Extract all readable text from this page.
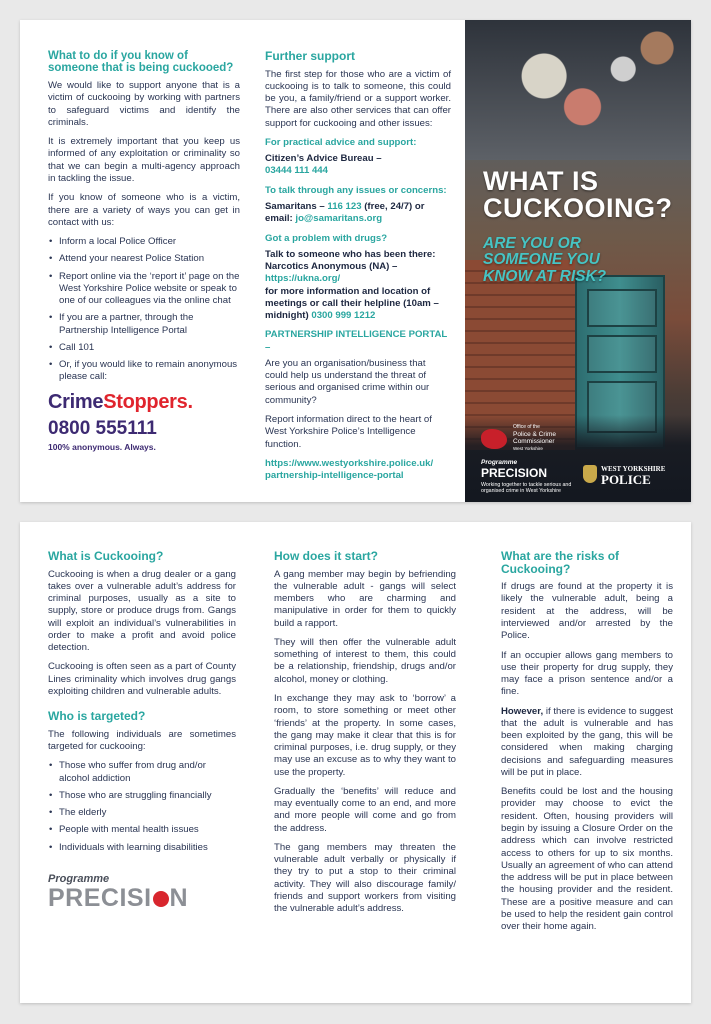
What to do if you know of someone that is being cuckooed?

We would like to support anyone that is a victim of cuckooing by working with partners to safeguard victims and identify the criminals.

It is extremely important that you keep us informed of any exploitation or criminality so that we can begin a multi-agency approach in tackling the issue.

If you know of someone who is a victim, there are a variety of ways you can get in contact with us:

• Inform a local Police Officer
• Attend your nearest Police Station
• Report online via the ‘report it’ page on the West Yorkshire Police website or speak to one of our colleagues via the online chat
• If you are a partner, through the Partnership Intelligence Portal
• Call 101
• Or, if you would like to remain anonymous please call:
CrimeStoppers.
0800 555111
100% anonymous. Always.
Further support

The first step for those who are a victim of cuckooing is to talk to someone, this could be you, a family/friend or a support worker. There are also other services that can offer support for cuckooing and other issues:

For practical advice and support:
Citizen’s Advice Bureau –
03444 111 444
To talk through any issues or concerns:

Samaritans – 116 123 (free, 24/7) or email: jo@samaritans.org

Got a problem with drugs?
Talk to someone who has been there: Narcotics Anonymous (NA) –
https://ukna.org/

for more information and location of meetings or call their helpline (10am – midnight) 0300 999 1212

PARTNERSHIP INTELLIGENCE PORTAL –

Are you an organisation/business that could help us understand the threat of serious and organised crime within our community?

Report information direct to the heart of West Yorkshire Police’s Intelligence function.

https://www.westyorkshire.police.uk/ partnership-intelligence-portal
WHAT IS CUCKOOING?
ARE YOU OR SOMEONE YOU KNOW AT RISK?
Office of the
Police & Crime
Commissioner
West Yorkshire
Programme
PRECISION
Working together to tackle serious and organised crime in West Yorkshire
WEST YORKSHIRE
POLICE
What is Cuckooing?

Cuckooing is when a drug dealer or a gang takes over a vulnerable adult’s address for criminal purposes, usually as a site to supply, store or produce drugs from. Gangs will exploit an individual’s vulnerabilities in order to make a profit and avoid police detection.

Cuckooing is often seen as a part of County Lines criminality which involves drug gangs exploiting children and vulnerable adults.

Who is targeted?

The following individuals are sometimes targeted for cuckooing:

• Those who suffer from drug and/or alcohol addiction
• Those who are struggling financially
• The elderly
• People with mental health issues
• Individuals with learning disabilities
Programme
PRECISI N
How does it start?

A gang member may begin by befriending the vulnerable adult - gangs will select members who are charming and manipulative in order for them to quickly build a rapport.

They will then offer the vulnerable adult something of interest to them, this could be a relationship, friendship, drugs and/or alcohol, money or clothing.

In exchange they may ask to ‘borrow’ a room, to store something or meet other ‘friends’ at the property. In some cases, the gang may make it clear that this is for criminal purposes, i.e. drug supply, or they may use an excuse as to why they want to use the property.

Gradually the ‘benefits’ will reduce and may eventually come to an end, and more and more people will come and go from the address.

The gang members may threaten the vulnerable adult verbally or physically if they try to put a stop to their criminal activity. They will also discourage family/ friends and support workers from visiting the vulnerable adult’s address.

What are the risks of Cuckooing?

If drugs are found at the property it is likely the vulnerable adult, being a resident at the address, will be interviewed and/or arrested by the Police.

If an occupier allows gang members to use their property for drug supply, they may face a prison sentence and/or a fine.

However, if there is evidence to suggest that the adult is vulnerable and has been exploited by the gang, this will be considered when making charging decisions and safeguarding measures will be put in place.

Benefits could be lost and the housing provider may choose to evict the resident. Often, housing providers will begin by issuing a Closure Order on the address which can involve restricted access to others for up to six months. Usually an agreement of who can attend the address will be put in place between the housing provider and the resident. These are a positive measure and can be used to help the resident gain control over their home again.
